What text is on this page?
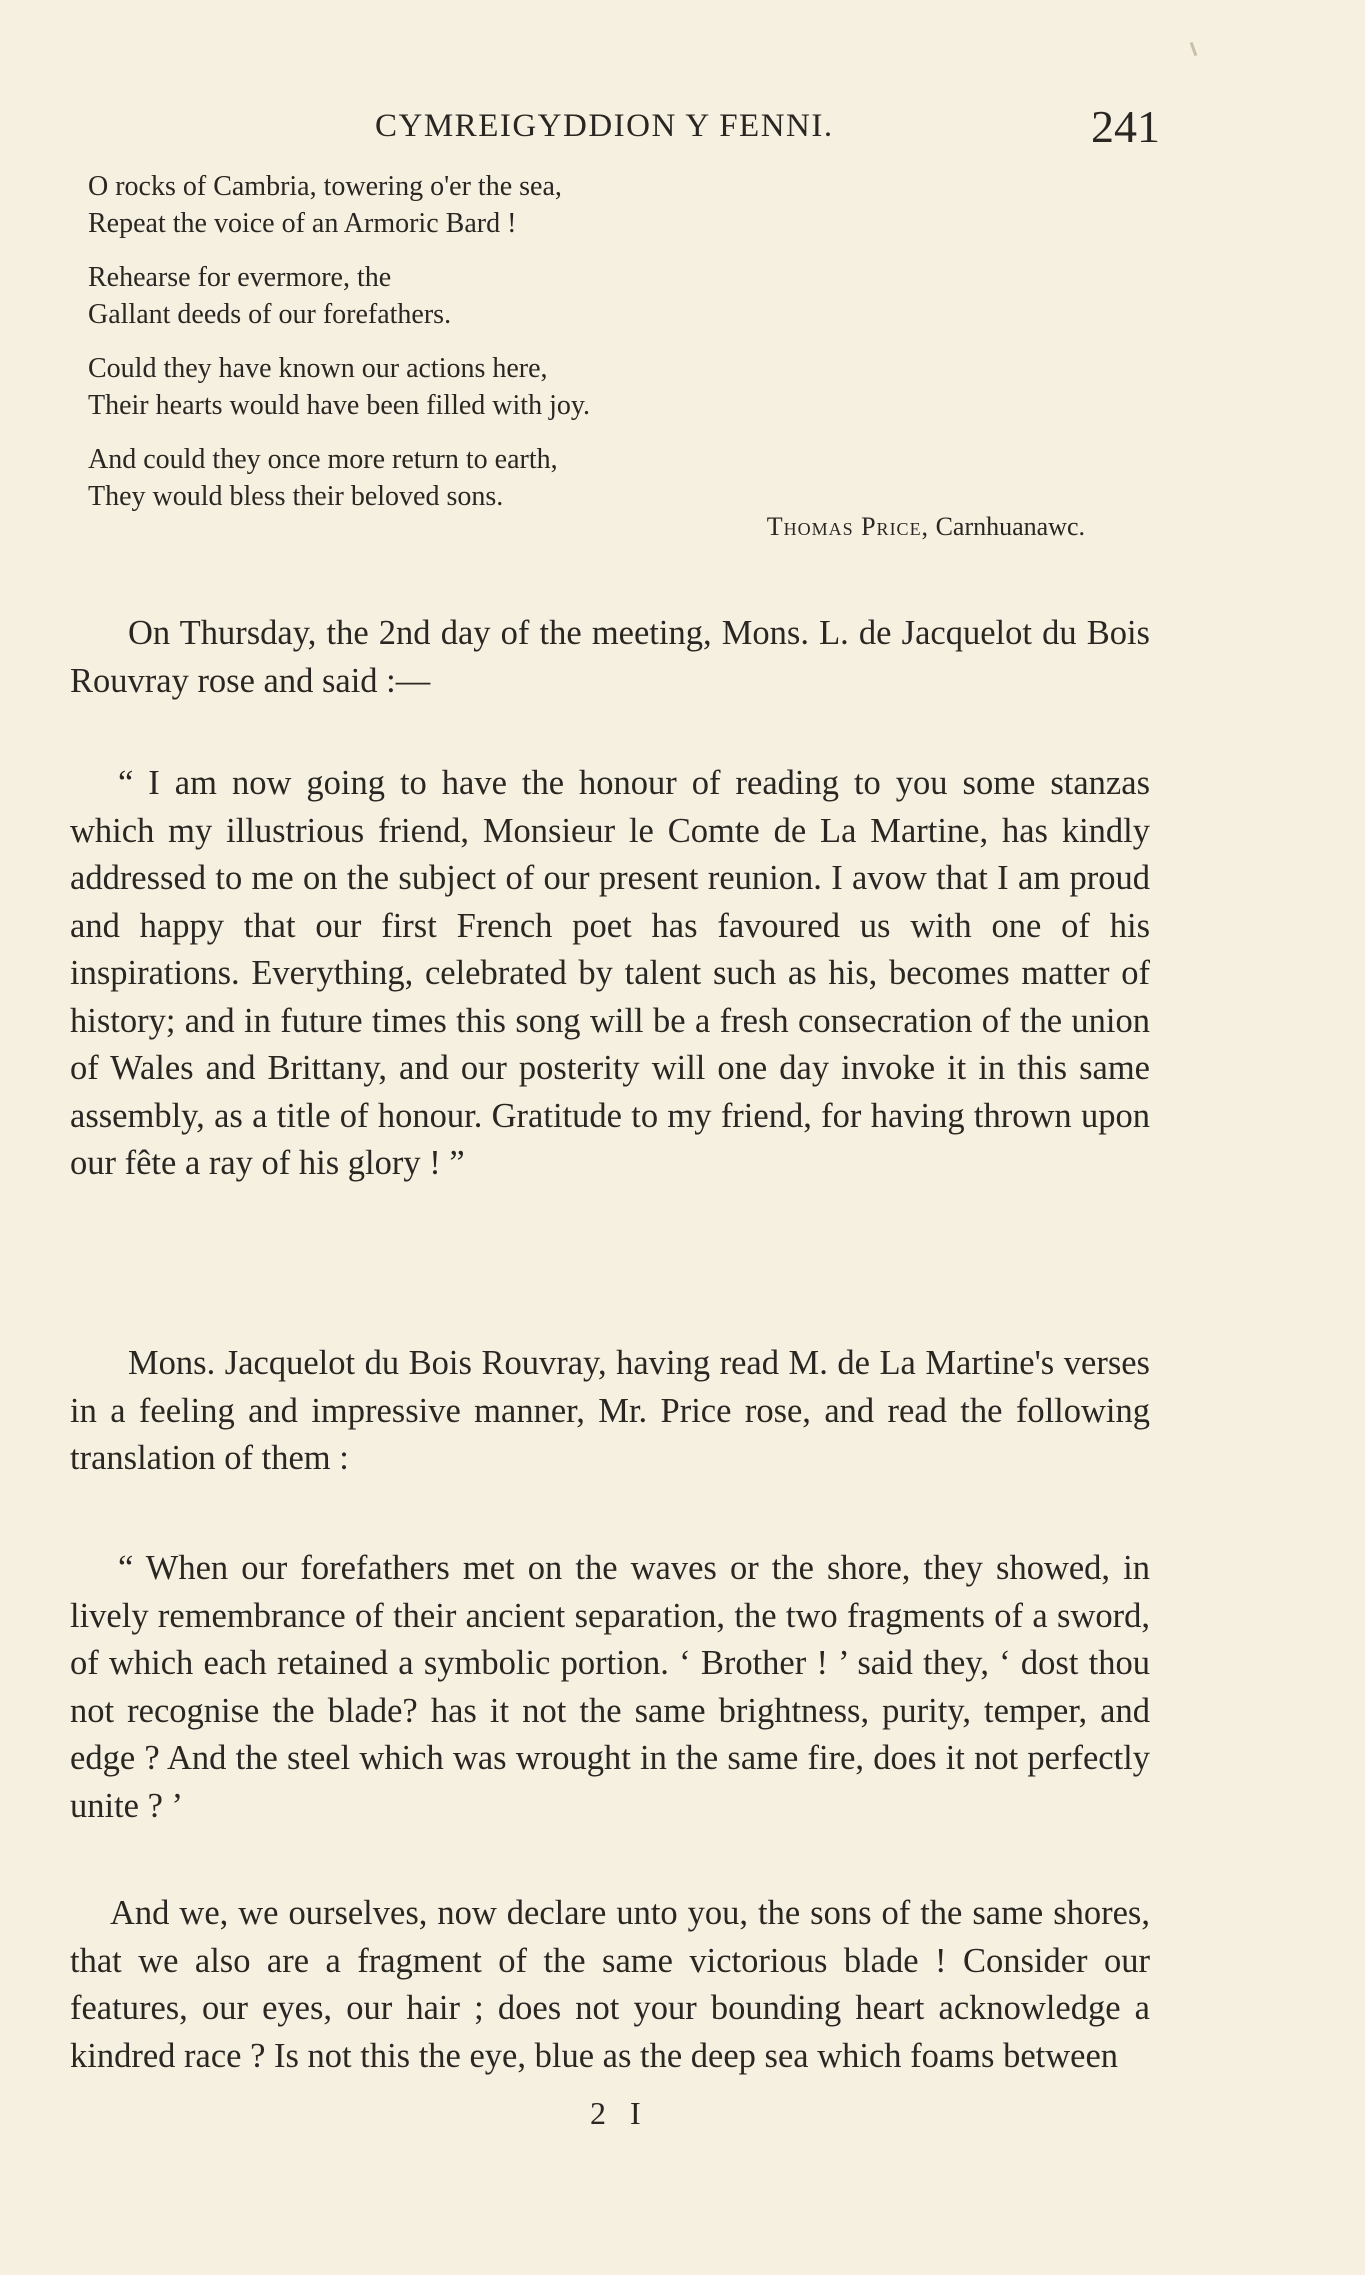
CYMREIGYDDION Y FENNI.	241
O rocks of Cambria, towering o'er the sea,
Repeat the voice of an Armoric Bard !
Rehearse for evermore, the
Gallant deeds of our forefathers.
Could they have known our actions here,
Their hearts would have been filled with joy.
And could they once more return to earth,
They would bless their beloved sons.
Thomas Price, Carnhuanawc.

On Thursday, the 2nd day of the meeting, Mons. L. de Jacquelot du Bois Rouvray rose and said :—

“ I am now going to have the honour of reading to you some stanzas which my illustrious friend, Monsieur le Comte de La Martine, has kindly addressed to me on the subject of our present reunion. I avow that I am proud and happy that our first French poet has favoured us with one of his inspirations. Everything, celebrated by talent such as his, becomes matter of history; and in future times this song will be a fresh consecration of the union of Wales and Brittany, and our posterity will one day invoke it in this same assembly, as a title of honour. Gratitude to my friend, for having thrown upon our fête a ray of his glory ! ”

Mons. Jacquelot du Bois Rouvray, having read M. de La Martine's verses in a feeling and impressive manner, Mr. Price rose, and read the following translation of them :

“ When our forefathers met on the waves or the shore, they showed, in lively remembrance of their ancient separation, the two fragments of a sword, of which each retained a symbolic portion. ‘ Brother ! ’ said they, ‘ dost thou not recognise the blade? has it not the same brightness, purity, temper, and edge ? And the steel which was wrought in the same fire, does it not perfectly unite ? ’

And we, we ourselves, now declare unto you, the sons of the same shores, that we also are a fragment of the same victorious blade ! Consider our features, our eyes, our hair ; does not your bounding heart acknowledge a kindred race ? Is not this the eye, blue as the deep sea which foams between

2 I
